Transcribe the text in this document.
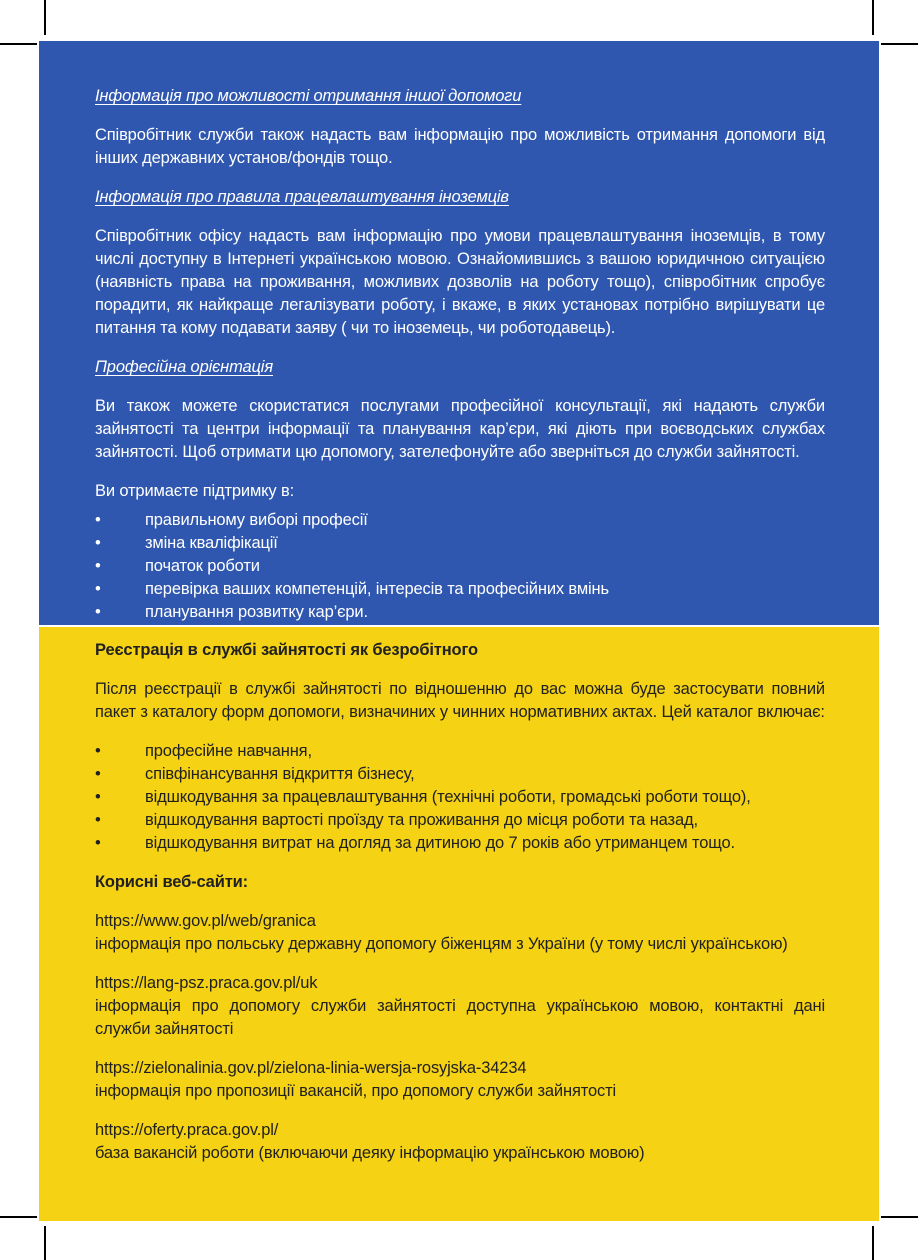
Інформація про можливості отримання іншої допомоги

Співробітник служби також надасть вам інформацію про можливість отримання допомоги від інших державних установ/фондів тощо.

Інформація про правила працевлаштування іноземців

Співробітник офісу надасть вам інформацію про умови працевлаштування іноземців, в тому числі доступну в Інтернеті українською мовою. Ознайомившись з вашою юридичною ситуацією (наявність права на проживання, можливих дозволів на роботу тощо), співробітник спробує порадити, як найкраще легалізувати роботу, і вкаже, в яких установах потрібно вирішувати це питання та кому подавати заяву ( чи то іноземець, чи роботодавець).

Професійна орієнтація

Ви також можете скористатися послугами професійної консультації, які надають служби зайнятості та центри інформації та планування кар’єри, які діють при воєводських службах зайнятості. Щоб отримати цю допомогу, зателефонуйте або зверніться до служби зайнятості.

Ви отримаєте підтримку в:

•	правильному виборі професії
•	зміна кваліфікації
•	початок роботи
•	перевірка ваших компетенцій, інтересів та професійних вмінь
•	планування розвитку кар’єри.
Реєстрація в службі зайнятості як безробітного

Після реєстрації в службі зайнятості по відношенню до вас можна буде застосувати повний пакет з каталогу форм допомоги, визначиних у чинних нормативних актах. Цей каталог включає:

•	професійне навчання,
•	співфінансування відкриття бізнесу,
•	відшкодування за працевлаштування (технічні роботи, громадські роботи тощо),
•	відшкодування вартості проїзду та проживання до місця роботи та назад,
•	відшкодування витрат на догляд за дитиною до 7 років або утриманцем тощо.
Корисні веб-сайти:
https://www.gov.pl/web/granica

інформація про польську державну допомогу біженцям з України (у тому числі українською)

https://lang-psz.praca.gov.pl/uk

інформація про допомогу служби зайнятості доступна українською мовою, контактні дані служби зайнятості

https://zielonalinia.gov.pl/zielona-linia-wersja-rosyjska-34234

інформація про пропозиції вакансій, про допомогу служби зайнятості

https://oferty.praca.gov.pl/

база вакансій роботи (включаючи деяку інформацію українською мовою)
